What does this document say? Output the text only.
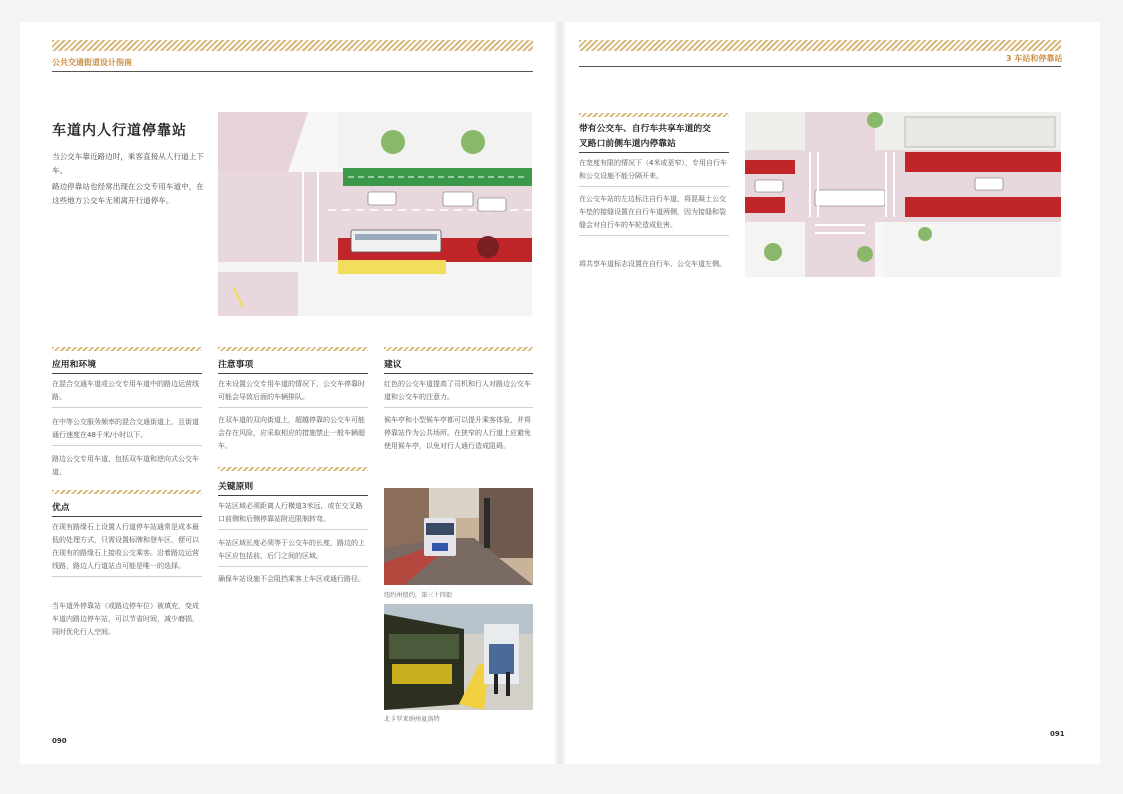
公共交通街道设计指南	3 车站和停靠站
车道内人行道停靠站

当公交车靠近路边时，乘客直接从人行道上下车。

路边停靠站也经常出现在公交专用车道中，在这些地方公交车无须离开行道停车。

应用和环境
在混合交通车道或公交专用车道中的路边运营线路。
在中等公交服务频率的混合交通街道上，且街道通行速度在48千米/小时以下。
路边公交专用车道，包括双车道和逆向式公交车道。
优点
在现有路缘石上设置人行道停车站通常是成本最低的处理方式，只需设置标牌和登车区，便可以在现有的路缘石上接收公交乘客。沿着路边运营线路，路边人行道站点可能是唯一的选择。
当车道外停靠站（或路边停车位）被填充，变成车道内路边停车站，可以节省时间，减少磨损，同时优化行人空间。
注意事项
在未设置公交专用车道的情况下，公交车停靠时可能会导致后面的车辆排队。
在双车道的双向街道上，超越停靠的公交车可能会存在风险，应采取相应的措施禁止一般车辆超车。
关键原则
车站区域必须距离人行横道3米远，或在交叉路口前侧和后侧停靠站附近限制转弯。
车站区域长度必须等于公交车的长度，路边的上车区应包括前、后门之间的区域。
确保车站设施不会阻挡乘客上车区或通行路径。
建议
红色的公交车道提高了司机和行人对路边公交车道和公交车的注意力。
候车亭和小型候车亭都可以提升乘客体验，并将停靠站作为公共场所。在狭窄的人行道上应避免使用候车亭，以免对行人通行造成阻碍。
纽约州纽约，第三十四街
北卡罗来纳州夏洛特
090
带有公交车、自行车共享车道的交
叉路口前侧车道内停靠站
在宽度有限的情况下（4米或更窄），专用自行车和公交设施不能分隔开来。
在公交车站的左边标注自行车道，将混凝土公交车垫的接缝设置在自行车道两侧，因为接缝和裂缝会对自行车的车轮造成危害。
将共享车道标志设置在自行车、公交车道左侧。
091
